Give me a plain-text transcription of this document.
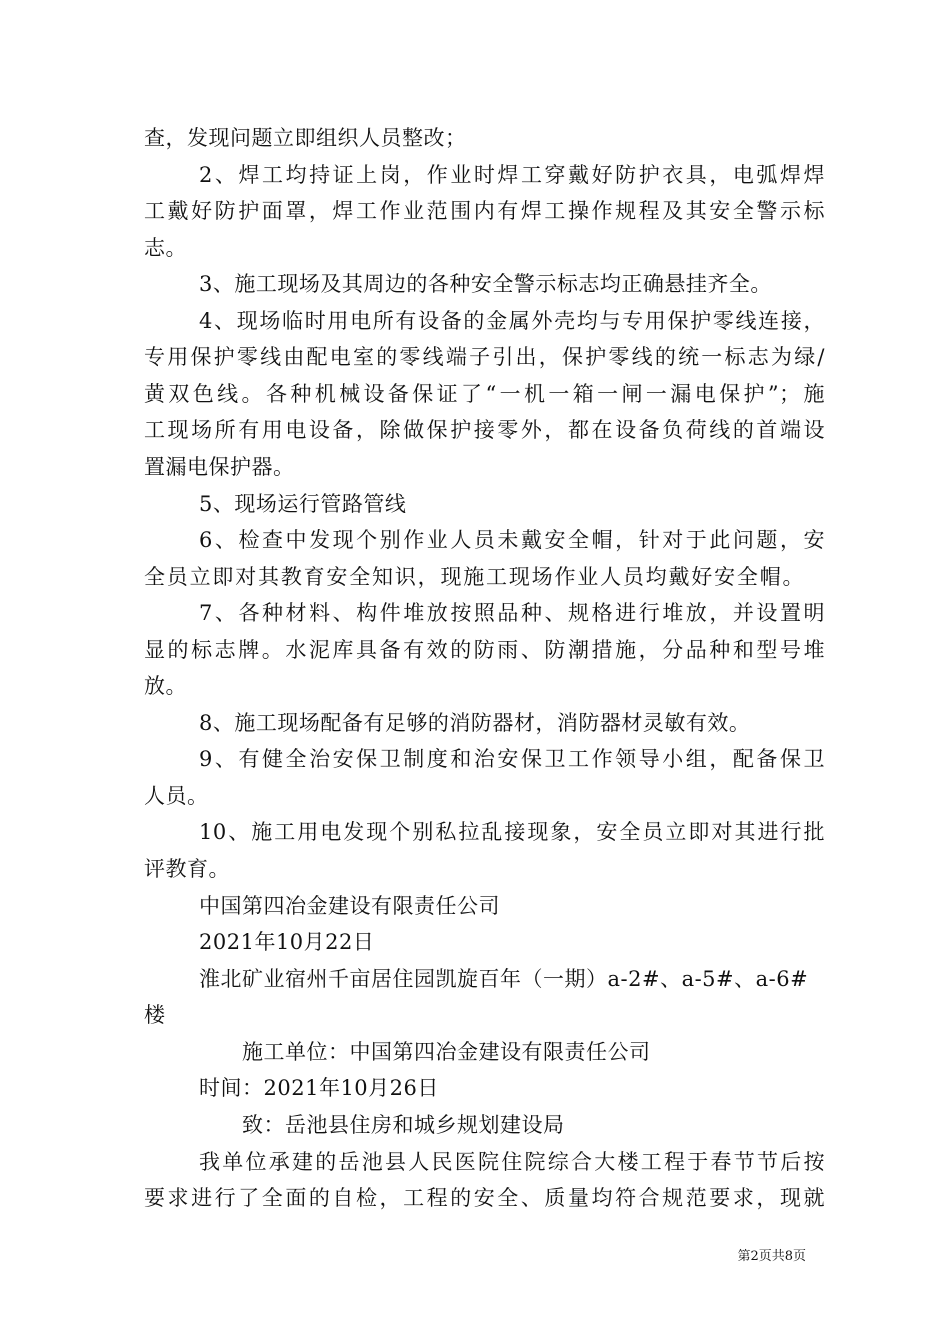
查，发现问题立即组织人员整改；
2、焊工均持证上岗，作业时焊工穿戴好防护衣具，电弧焊焊
工戴好防护面罩，焊工作业范围内有焊工操作规程及其安全警示标
志。
3、施工现场及其周边的各种安全警示标志均正确悬挂齐全。
4、现场临时用电所有设备的金属外壳均与专用保护零线连接，
专用保护零线由配电室的零线端子引出，保护零线的统一标志为绿/
黄双色线。各种机械设备保证了“一机一箱一闸一漏电保护”；施
工现场所有用电设备，除做保护接零外，都在设备负荷线的首端设
置漏电保护器。
5、现场运行管路管线
6、检查中发现个别作业人员未戴安全帽，针对于此问题，安
全员立即对其教育安全知识，现施工现场作业人员均戴好安全帽。
7、各种材料、构件堆放按照品种、规格进行堆放，并设置明
显的标志牌。水泥库具备有效的防雨、防潮措施，分品种和型号堆
放。
8、施工现场配备有足够的消防器材，消防器材灵敏有效。
9、有健全治安保卫制度和治安保卫工作领导小组，配备保卫
人员。
10、施工用电发现个别私拉乱接现象，安全员立即对其进行批
评教育。
中国第四冶金建设有限责任公司
2021年10月22日
淮北矿业宿州千亩居住园凯旋百年（一期）a-2#、a-5#、a-6#
楼
施工单位：中国第四冶金建设有限责任公司
时间：2021年10月26日
致：岳池县住房和城乡规划建设局
我单位承建的岳池县人民医院住院综合大楼工程于春节节后按
要求进行了全面的自检，工程的安全、质量均符合规范要求，现就
第2页共8页
